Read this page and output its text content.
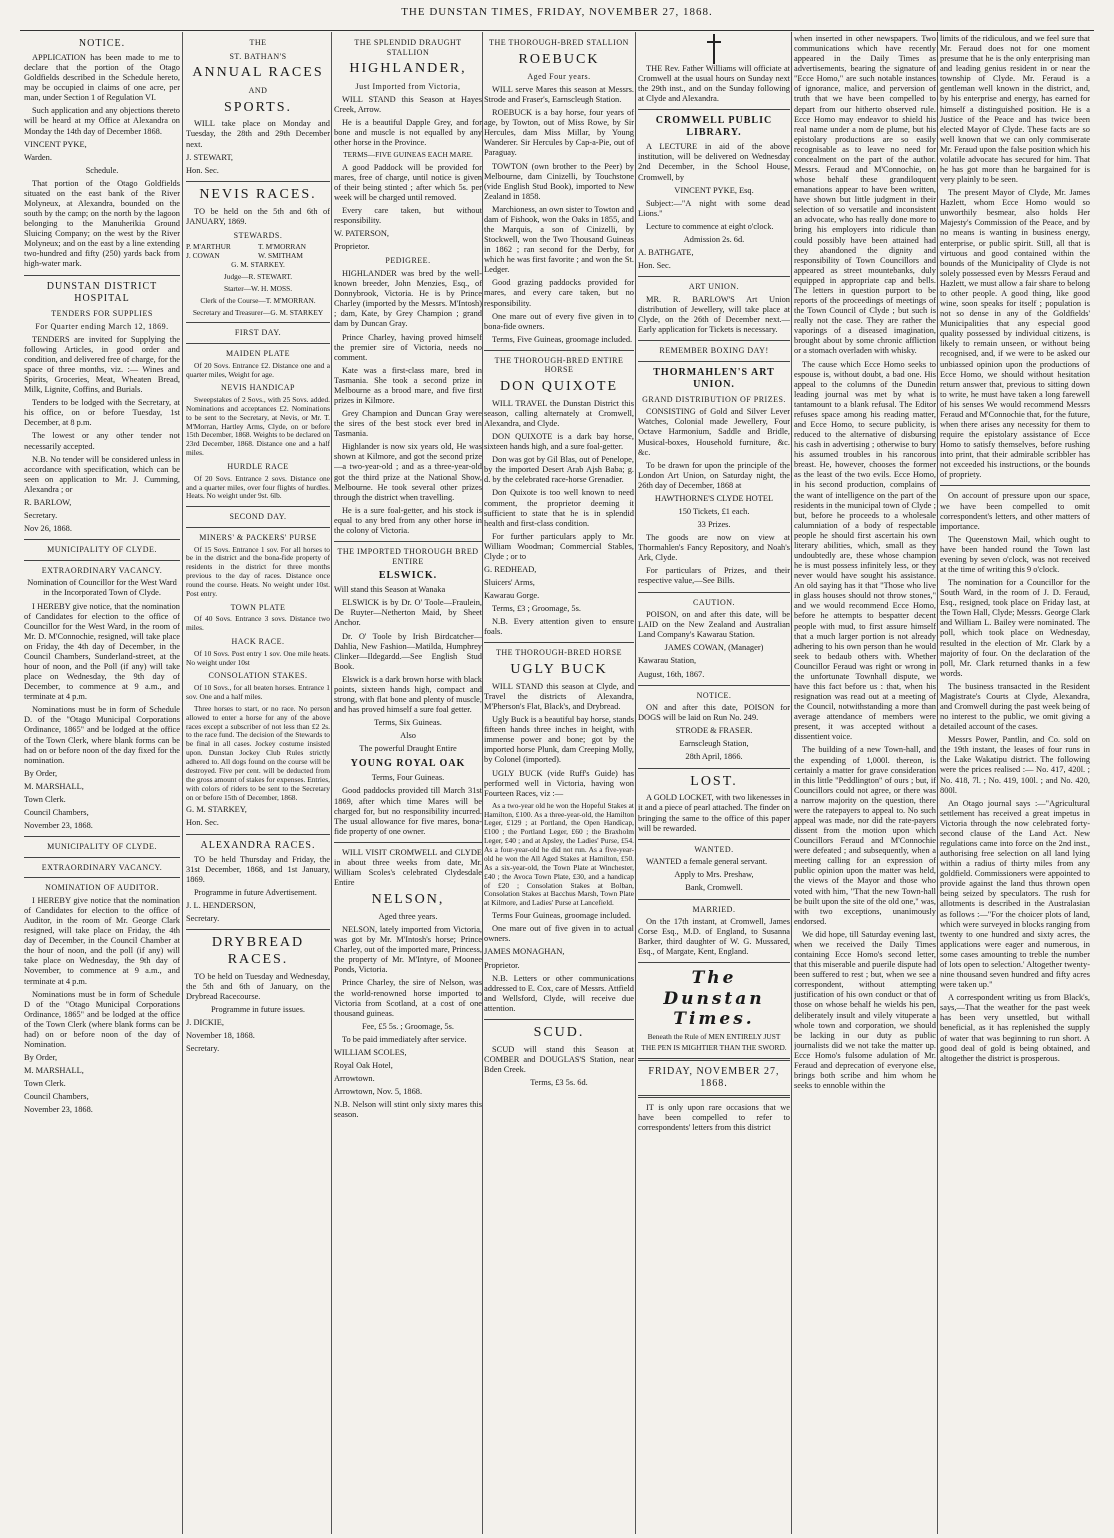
THE DUNSTAN TIMES, FRIDAY, NOVEMBER 27, 1868.
NOTICE.

APPLICATION has been made to me to declare that the portion of the Otago Goldfields described in the Schedule hereto, may be occupied in claims of one acre, per man, under Section 1 of Regulation VI.

Such application and any objections thereto will be heard at my Office at Alexandra on Monday the 14th day of December 1868.

VINCENT PYKE,

Warden.

Schedule.

That portion of the Otago Goldfields situated on the east bank of the River Molyneux, at Alexandra, bounded on the south by the camp; on the north by the lagoon belonging to the Manuherikia Ground Sluicing Company; on the west by the River Molyneux; and on the east by a line extending two-hundred and fifty (250) yards back from high-water mark.

DUNSTAN DISTRICT HOSPITAL
TENDERS FOR SUPPLIES
For Quarter ending March 12, 1869.

TENDERS are invited for Supplying the following Articles, in good order and condition, and delivered free of charge, for the space of three months, viz. :— Wines and Spirits, Groceries, Meat, Wheaten Bread, Milk, Lignite, Coffins, and Burials.

Tenders to be lodged with the Secretary, at his office, on or before Tuesday, 1st December, at 8 p.m.

The lowest or any other tender not necessarily accepted.

N.B. No tender will be considered unless in accordance with specification, which can be seen on application to Mr. J. Cumming, Alexandra ; or

R. BARLOW,

Secretary.

Nov 26, 1868.

MUNICIPALITY OF CLYDE.
EXTRAORDINARY VACANCY.

Nomination of Councillor for the West Ward in the Incorporated Town of Clyde.

I HEREBY give notice, that the nomination of Candidates for election to the office of Councillor for the West Ward, in the room of Mr. D. M'Connochie, resigned, will take place on Friday, the 4th day of December, in the Council Chambers, Sunderland-street, at the hour of noon, and the Poll (if any) will take place on Wednesday, the 9th day of December, to commence at 9 a.m., and terminate at 4 p.m.

Nominations must be in form of Schedule D. of the "Otago Municipal Corporations Ordinance, 1865" and be lodged at the office of the Town Clerk, where blank forms can be had on or before noon of the day fixed for the nomination.

By Order,

M. MARSHALL,

Town Clerk.

Council Chambers,

November 23, 1868.

MUNICIPALITY OF CLYDE.
EXTRAORDINARY VACANCY.
NOMINATION OF AUDITOR.

I HEREBY give notice that the nomination of Candidates for election to the office of Auditor, in the room of Mr. George Clark resigned, will take place on Friday, the 4th day of December, in the Council Chamber at the hour of noon, and the poll (if any) will take place on Wednesday, the 9th day of November, to commence at 9 a.m., and terminate at 4 p.m.

Nominations must be in form of Schedule D of the "Otago Municipal Corporations Ordinance, 1865" and be lodged at the office of the Town Clerk (where blank forms can be had) on or before noon of the day of Nomination.

By Order,

M. MARSHALL,

Town Clerk.

Council Chambers,

November 23, 1868.

THE
ST. BATHAN'S
ANNUAL RACES
AND
SPORTS.

WILL take place on Monday and Tuesday, the 28th and 29th December next.

J. STEWART,

Hon. Sec.

NEVIS RACES.

TO be held on the 5th and 6th of JANUARY, 1869.

STEWARDS.
P. M'ARTHUR	T. M'MORRAN
J. COWAN	W. SMITHAM

G. M. STARKEY.

Judge—R. STEWART.

Starter—W. H. MOSS.

Clerk of the Course—T. M'MORRAN.

Secretary and Treasurer—G. M. STARKEY

FIRST DAY.
MAIDEN PLATE

Of 20 Sovs. Entrance £2. Distance one and a quarter miles, Weight for age.

NEVIS HANDICAP

Sweepstakes of 2 Sovs., with 25 Sovs. added. Nominations and acceptances £2. Nominations to be sent to the Secretary, at Nevis, or Mr. T. M'Morran, Hartley Arms, Clyde, on or before 15th December, 1868. Weights to be declared on 23rd December, 1868. Distance one and a half miles.

HURDLE RACE

Of 20 Sovs. Entrance 2 sovs. Distance one and a quarter miles, over four flights of hurdles. Heats. No weight under 9st. 6lb.

SECOND DAY.
MINERS' & PACKERS' PURSE

Of 15 Sovs. Entrance 1 sov. For all horses to be in the district and the bona-fide property of residents in the district for three months previous to the day of races. Distance once round the course. Heats. No weight under 10st. Post entry.

TOWN PLATE

Of 40 Sovs. Entrance 3 sovs. Distance two miles.

HACK RACE.

Of 10 Sovs. Post entry 1 sov. One mile heats. No weight under 10st

CONSOLATION STAKES.

Of 10 Sovs., for all beaten horses. Entrance 1 sov. One and a half miles.

Three horses to start, or no race. No person allowed to enter a horse for any of the above races except a subscriber of not less than £2 2s. to the race fund. The decision of the Stewards to be final in all cases. Jockey costume insisted upon. Dunstan Jockey Club Rules strictly adhered to. All dogs found on the course will be destroyed. Five per cent. will be deducted from the gross amount of stakes for expenses. Entries, with colors of riders to be sent to the Secretary on or before 15th of December, 1868.

G. M. STARKEY,

Hon. Sec.

ALEXANDRA RACES.

TO be held Thursday and Friday, the 31st December, 1868, and 1st January, 1869.

Programme in future Advertisement.

J. L. HENDERSON,

Secretary.

DRYBREAD RACES.

TO be held on Tuesday and Wednesday, the 5th and 6th of January, on the Drybread Racecourse.

Programme in future issues.

J. DICKIE,

November 18, 1868.

Secretary.

THE SPLENDID DRAUGHT STALLION
HIGHLANDER,
Just Imported from Victoria,

WILL STAND this Season at Hayes Creek, Arrow.

He is a beautiful Dapple Grey, and for bone and muscle is not equalled by any other horse in the Province.

TERMS—FIVE GUINEAS EACH MARE.

A good Paddock will be provided for mares, free of charge, until notice is given of their being stinted ; after which 5s. per week will be charged until removed.

Every care taken, but without responsibility.

W. PATERSON,

Proprietor.

PEDIGREE.

HIGHLANDER was bred by the well-known breeder, John Menzies, Esq., of Donnybrook, Victoria. He is by Prince Charley (imported by the Messrs. M'Intosh) ; dam, Kate, by Grey Champion ; grand dam by Duncan Gray.

Prince Charley, having proved himself the premier sire of Victoria, needs no comment.

Kate was a first-class mare, bred in Tasmania. She took a second prize in Melbourne as a brood mare, and five first prizes in Kilmore.

Grey Champion and Duncan Gray were the sires of the best stock ever bred in Tasmania.

Highlander is now six years old, He was shown at Kilmore, and got the second prize—a two-year-old ; and as a three-year-old got the third prize at the National Show, Melbourne. He took several other prizes through the district when travelling.

He is a sure foal-getter, and his stock is equal to any bred from any other horse in the colony of Victoria.

THE IMPORTED THOROUGH BRED ENTIRE
ELSWICK.

Will stand this Season at Wanaka

ELSWICK is by Dr. O' Toole—Fraulein, De Ruyter—Netherton Maid, by Sheet Anchor.

Dr. O' Toole by Irish Birdcatcher—Dahlia, New Fashion—Matilda, Humphrey Clinker—Ildegardd.—See English Stud Book.

Elswick is a dark brown horse with black points, sixteen hands high, compact and strong, with flat bone and plenty of muscle, and has proved himself a sure foal getter.

Terms, Six Guineas.

Also

The powerful Draught Entire

YOUNG ROYAL OAK

Terms, Four Guineas.

Good paddocks provided till March 31st 1869, after which time Mares will be charged for, but no responsibility incurred. The usual allowance for five mares, bona-fide property of one owner.

WILL VISIT CROMWELL and CLYDE in about three weeks from date, Mr. William Scoles's celebrated Clydesdale Entire

NELSON,

Aged three years.

NELSON, lately imported from Victoria, was got by Mr. M'Intosh's horse; Prince Charley, out of the imported mare, Princess, the property of Mr. M'Intyre, of Moonee Ponds, Victoria.

Prince Charley, the sire of Nelson, was the world-renowned horse imported to Victoria from Scotland, at a cost of one thousand guineas.

Fee, £5 5s. ; Groomage, 5s.

To be paid immediately after service.

WILLIAM SCOLES,

Royal Oak Hotel,

Arrowtown.

Arrowtown, Nov. 5, 1868.

N.B. Nelson will stint only sixty mares this season.

THE THOROUGH-BRED STALLION
ROEBUCK
Aged Four years.

WILL serve Mares this season at Messrs. Strode and Fraser's, Earnscleugh Station.

ROEBUCK is a bay horse, four years of age, by Towton, out of Miss Rowe, by Sir Hercules, dam Miss Millar, by Young Wanderer. Sir Hercules by Cap-a-Pie, out of Paraguay.

TOWTON (own brother to the Peer) by Melbourne, dam Cinizelli, by Touchstone (vide English Stud Book), imported to New Zealand in 1858.

Marchioness, an own sister to Towton and dam of Fishook, won the Oaks in 1855, and the Marquis, a son of Cinizelli, by Stockwell, won the Two Thousand Guineas in 1862 ; ran second for the Derby, for which he was first favorite ; and won the St. Ledger.

Good grazing paddocks provided for mares, and every care taken, but no responsibility.

One mare out of every five given in to bona-fide owners.

Terms, Five Guineas, groomage included.

THE THOROUGH-BRED ENTIRE HORSE
DON QUIXOTE

WILL TRAVEL the Dunstan District this season, calling alternately at Cromwell, Alexandra, and Clyde.

DON QUIXOTE is a dark bay horse, sixteen hands high, and a sure foal-getter.

Don was got by Gil Blas, out of Penelope, by the imported Desert Arab Ajsh Baba; g. d. by the celebrated race-horse Grenadier.

Don Quixote is too well known to need comment, the proprietor deeming it sufficient to state that he is in splendid health and first-class condition.

For further particulars apply to Mr. William Woodman; Commercial Stables, Clyde ; or to

G. REDHEAD,

Sluicers' Arms,

Kawarau Gorge.

Terms, £3 ; Groomage, 5s.

N.B. Every attention given to ensure foals.

THE THOROUGH-BRED HORSE
UGLY BUCK

WILL STAND this season at Clyde, and Travel the districts of Alexandra, M'Pherson's Flat, Black's, and Drybread.

Ugly Buck is a beautiful bay horse, stands fifteen hands three inches in height, with immense power and bone; got by the imported horse Plunk, dam Creeping Molly, by Colonel (imported).

UGLY BUCK (vide Ruff's Guide) has performed well in Victoria, having won Fourteen Races, viz :—

As a two-year old he won the Hopeful Stakes at Hamilton, £100. As a three-year-old, the Hamilton Leger, £129 ; at Portland, the Open Handicap, £100 ; the Portland Leger, £60 ; the Braxholm Leger, £40 ; and at Apsley, the Ladies' Purse, £54. As a four-year-old he did not run. As a five-year-old he won the All Aged Stakes at Hamilton, £50. As a six-year-old, the Town Plate at Winchester, £40 ; the Avoca Town Plate, £30, and a handicap of £20 ; Consolation Stakes at Bolban, Consolation Stakes at Bacchus Marsh, Town Plate at Kilmore, and Ladies' Purse at Lancefield.

Terms Four Guineas, groomage included.

One mare out of five given in to actual owners.

JAMES MONAGHAN,

Proprietor.

N.B. Letters or other communications addressed to E. Cox, care of Messrs. Attfield and Wellsford, Clyde, will receive due attention.

SCUD.

SCUD will stand this Season at COMBER and DOUGLAS'S Station, near Bden Creek.

Terms, £3 5s. 6d.

THE Rev. Father Williams will officiate at Cromwell at the usual hours on Sunday next the 29th inst., and on the Sunday following at Clyde and Alexandra.

CROMWELL PUBLIC LIBRARY.

A LECTURE in aid of the above institution, will be delivered on Wednesday 2nd December, in the School House, Cromwell, by

VINCENT PYKE, Esq.

Subject:—"A night with some dead Lions."

Lecture to commence at eight o'clock.

Admission 2s. 6d.

A. BATHGATE,

Hon. Sec.

ART UNION.

MR. R. BARLOW'S Art Union distribution of Jewellery, will take place at Clyde, on the 26th of December next.—Early application for Tickets is necessary.

REMEMBER BOXING DAY!
THORMAHLEN'S ART UNION.
GRAND DISTRIBUTION OF PRIZES.

CONSISTING of Gold and Silver Lever Watches, Colonial made Jewellery, Four Octave Harmonium, Saddle and Bridle, Musical-boxes, Household furniture, &c. &c.

To be drawn for upon the principle of the London Art Union, on Saturday night, the 26th day of December, 1868 at

HAWTHORNE'S CLYDE HOTEL

150 Tickets, £1 each.

33 Prizes.

The goods are now on view at Thormahlen's Fancy Repository, and Noah's Ark, Clyde.

For particulars of Prizes, and their respective value,—See Bills.

CAUTION.

POISON, on and after this date, will be LAID on the New Zealand and Australian Land Company's Kawarau Station.

JAMES COWAN, (Manager)

Kawarau Station,

August, 16th, 1867.

NOTICE.

ON and after this date, POISON for DOGS will be laid on Run No. 249.

STRODE & FRASER.

Earnscleugh Station,

28th April, 1866.

LOST.

A GOLD LOCKET, with two likenesses in it and a piece of pearl attached. The finder on bringing the same to the office of this paper will be rewarded.

WANTED.

WANTED a female general servant.

Apply to Mrs. Preshaw,

Bank, Cromwell.

MARRIED.

On the 17th instant, at Cromwell, James Corse Esq., M.D. of England, to Susanna Barker, third daughter of W. G. Mussared, Esq., of Margate, Kent, England.

The Dunstan Times.

Beneath the Rule of MEN ENTIRELY JUST

THE PEN IS MIGHTIER THAN THE SWORD.

FRIDAY, NOVEMBER 27, 1868.

IT is only upon rare occasions that we have been compelled to refer to correspondents' letters from this district

when inserted in other newspapers. Two communications which have recently appeared in the Daily Times as advertisements, bearing the signature of "Ecce Homo," are such notable instances of ignorance, malice, and perversion of truth that we have been compelled to depart from our hitherto observed rule. Ecce Homo may endeavor to shield his real name under a nom de plume, but his epistolary productions are so easily recognisable as to leave no need for concealment on the part of the author. Messrs. Feraud and M'Connochie, on whose behalf these grandiloquent emanations appear to have been written, have shown but little judgment in their selection of so versatile and inconsistent an advocate, who has really done more to bring his employers into ridicule than could possibly have been attained had they abandoned the dignity and responsibility of Town Councillors and appeared as street mountebanks, duly equipped in appropriate cap and bells. The letters in question purport to be reports of the proceedings of meetings of the Town Council of Clyde ; but such is really not the case. They are rather the vaporings of a diseased imagination, brought about by some chronic affliction or a stomach overladen with whisky.

The cause which Ecce Homo seeks to espouse is, without doubt, a bad one. His appeal to the columns of the Dunedin leading journal was met by what is tantamount to a blank refusal. The Editor refuses space among his reading matter, and Ecce Homo, to secure publicity, is reduced to the alternative of disbursing his cash in advertising ; otherwise to bury his assumed troubles in his rancorous breast. He, however, chooses the former as the least of the two evils. Ecce Homo, in his second production, complains of the want of intelligence on the part of the residents in the municipal town of Clyde ; but, before he proceeds to a wholesale calumniation of a body of respectable people he should first ascertain his own literary abilities, which, small as they undoubtedly are, these whose champion he is must possess infinitely less, or they never would have sought his assistance. An old saying has it that "Those who live in glass houses should not throw stones," and we would recommend Ecce Homo, before he attempts to bespatter decent people with mud, to first assure himself that a much larger portion is not already adhering to his own person than he would seek to bedaub others with. Whether Councillor Feraud was right or wrong in the unfortunate Townhall dispute, we have this fact before us : that, when his resignation was read out at a meeting of the Council, notwithstanding a more than average attendance of members were present, it was accepted without a dissentient voice.

The building of a new Town-hall, and the expending of 1,000l. thereon, is certainly a matter for grave consideration in this little "Peddlington" of ours ; but, if Councillors could not agree, or there was a narrow majority on the question, there were the ratepayers to appeal to. No such appeal was made, nor did the rate-payers dissent from the motion upon which Councillors Feraud and M'Connochie were defeated ; and subsequently, when a meeting calling for an expression of public opinion upon the matter was held, the views of the Mayor and those who voted with him, "That the new Town-hall be built upon the site of the old one," was, with two exceptions, unanimously endorsed.

We did hope, till Saturday evening last, when we received the Daily Times containing Ecce Homo's second letter, that this miserable and puerile dispute had been suffered to rest ; but, when we see a correspondent, without attempting justification of his own conduct or that of those on whose behalf he wields his pen, deliberately insult and vilely vituperate a whole town and corporation, we should be lacking in our duty as public journalists did we not take the matter up. Ecce Homo's fulsome adulation of Mr. Feraud and deprecation of everyone else, brings both scribe and him whom he seeks to ennoble within the

limits of the ridiculous, and we feel sure that Mr. Feraud does not for one moment presume that he is the only enterprising man and leading genius resident in or near the township of Clyde. Mr. Feraud is a gentleman well known in the district, and, by his enterprise and energy, has earned for himself a distinguished position. He is a Justice of the Peace and has twice been elected Mayor of Clyde. These facts are so well known that we can only commiserate Mr. Feraud upon the false position which his volatile advocate has secured for him. That he has got more than he bargained for is very plainly to be seen.

The present Mayor of Clyde, Mr. James Hazlett, whom Ecce Homo would so unworthily besmear, also holds Her Majesty's Commission of the Peace, and by no means is wanting in business energy, enterprise, or public spirit. Still, all that is virtuous and good contained within the bounds of the Municipality of Clyde is not solely possessed even by Messrs Feraud and Hazlett, we must allow a fair share to belong to other people. A good thing, like good wine, soon speaks for itself ; population is not so dense in any of the Goldfields' Municipalities that any especial good quality possessed by individual citizens, is likely to remain unseen, or without being recognised, and, if we were to be asked our unbiassed opinion upon the productions of Ecce Homo, we should without hesitation return answer that, previous to sitting down to write, he must have taken a long farewell of his senses We would recommend Messrs Feraud and M'Connochie that, for the future, when there arises any necessity for them to require the epistolary assistance of Ecce Homo to satisfy themselves, before rushing into print, that their admirable scribbler has not exceeded his instructions, or the bounds of propriety.

On account of pressure upon our space, we have been compelled to omit correspondent's letters, and other matters of importance.

The Queenstown Mail, which ought to have been handed round the Town last evening by seven o'clock, was not received at the time of writing this 9 o'clock.

The nomination for a Councillor for the South Ward, in the room of J. D. Feraud, Esq., resigned, took place on Friday last, at the Town Hall, Clyde; Messrs. George Clark and William L. Bailey were nominated. The poll, which took place on Wednesday, resulted in the election of Mr. Clark by a majority of four. On the declaration of the poll, Mr. Clark returned thanks in a few words.

The business transacted in the Resident Magistrate's Courts at Clyde, Alexandra, and Cromwell during the past week being of no interest to the public, we omit giving a detailed account of the cases.

Messrs Power, Pantlin, and Co. sold on the 19th instant, the leases of four runs in the Lake Wakatipu district. The following were the prices realised :— No. 417, 420l. ; No. 418, 7l. ; No. 419, 100l. ; and No. 420, 800l.

An Otago journal says :—"Agricultural settlement has received a great impetus in Victoria through the now celebrated forty-second clause of the Land Act. New regulations came into force on the 2nd inst., authorising free selection on all land lying within a radius of thirty miles from any goldfield. Commissioners were appointed to provide against the land thus thrown open being seized by speculators. The rush for allotments is described in the Australasian as follows :—"For the choicer plots of land, which were surveyed in blocks ranging from twenty to one hundred and sixty acres, the applications were eager and numerous, in some cases amounting to treble the number of lots open to selection.' Altogether twenty-nine thousand seven hundred and fifty acres were taken up."

A correspondent writing us from Black's, says,—That the weather for the past week has been very unsettled, but withall beneficial, as it has replenished the supply of water that was beginning to run short. A good deal of gold is being obtained, and altogether the district is prosperous.
